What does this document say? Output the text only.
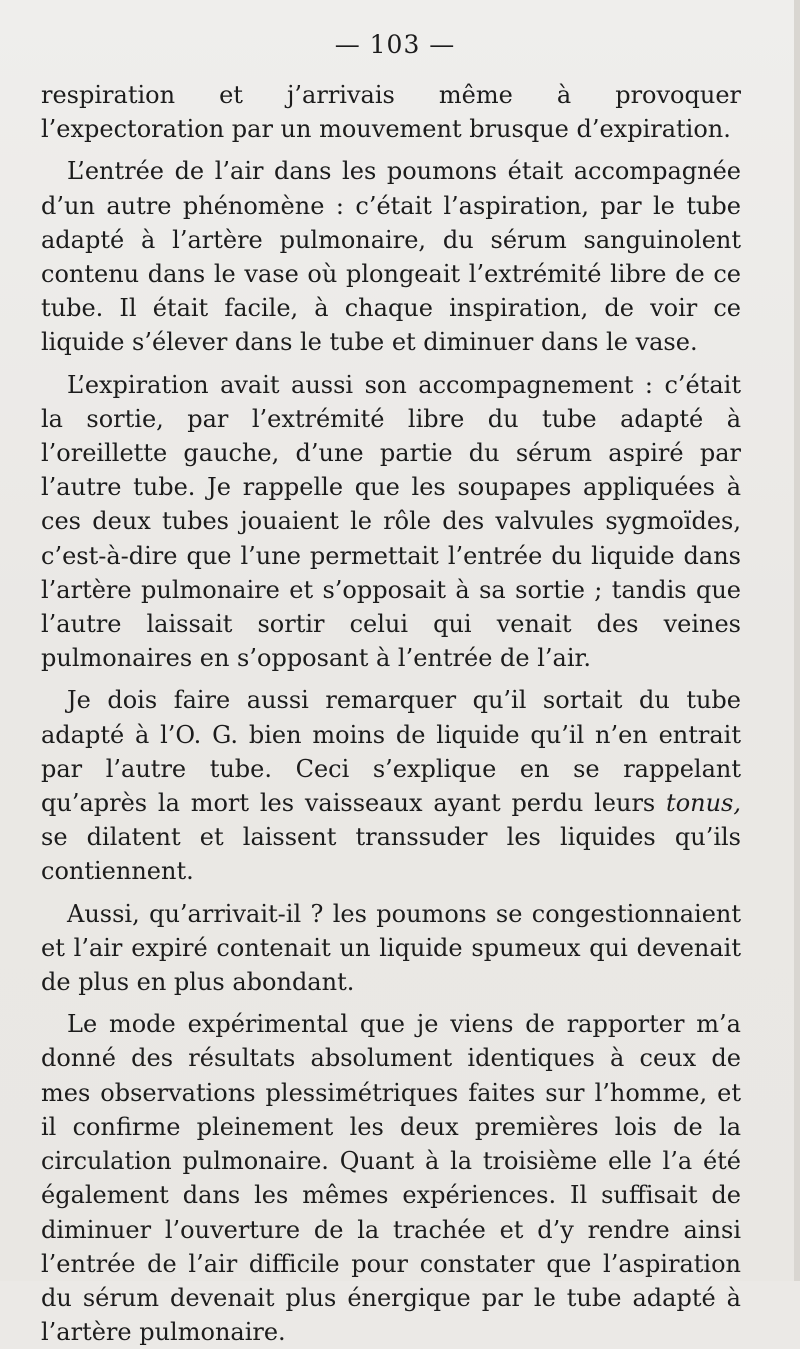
— 103 —

respiration et j’arrivais même à provoquer l’expectoration par un mouvement brusque d’expiration.

L’entrée de l’air dans les poumons était accompagnée d’un autre phénomène : c’était l’aspiration, par le tube adapté à l’artère pulmonaire, du sérum sanguinolent contenu dans le vase où plongeait l’extrémité libre de ce tube. Il était facile, à chaque inspiration, de voir ce liquide s’élever dans le tube et diminuer dans le vase.

L’expiration avait aussi son accompagnement : c’était la sortie, par l’extrémité libre du tube adapté à l’oreillette gauche, d’une partie du sérum aspiré par l’autre tube. Je rappelle que les soupapes appliquées à ces deux tubes jouaient le rôle des valvules sygmoïdes, c’est-à-dire que l’une permettait l’entrée du liquide dans l’artère pulmonaire et s’opposait à sa sortie ; tandis que l’autre laissait sortir celui qui venait des veines pulmonaires en s’opposant à l’entrée de l’air.

Je dois faire aussi remarquer qu’il sortait du tube adapté à l’O. G. bien moins de liquide qu’il n’en entrait par l’autre tube. Ceci s’explique en se rappelant qu’après la mort les vaisseaux ayant perdu leurs tonus, se dilatent et laissent transsuder les liquides qu’ils contiennent.

Aussi, qu’arrivait-il ? les poumons se congestionnaient et l’air expiré contenait un liquide spumeux qui devenait de plus en plus abondant.

Le mode expérimental que je viens de rapporter m’a donné des résultats absolument identiques à ceux de mes observations plessimétriques faites sur l’homme, et il confirme pleinement les deux premières lois de la circulation pulmonaire. Quant à la troisième elle l’a été également dans les mêmes expériences. Il suffisait de diminuer l’ouverture de la trachée et d’y rendre ainsi l’entrée de l’air difficile pour constater que l’aspiration du sérum devenait plus énergique par le tube adapté à l’artère pulmonaire.
